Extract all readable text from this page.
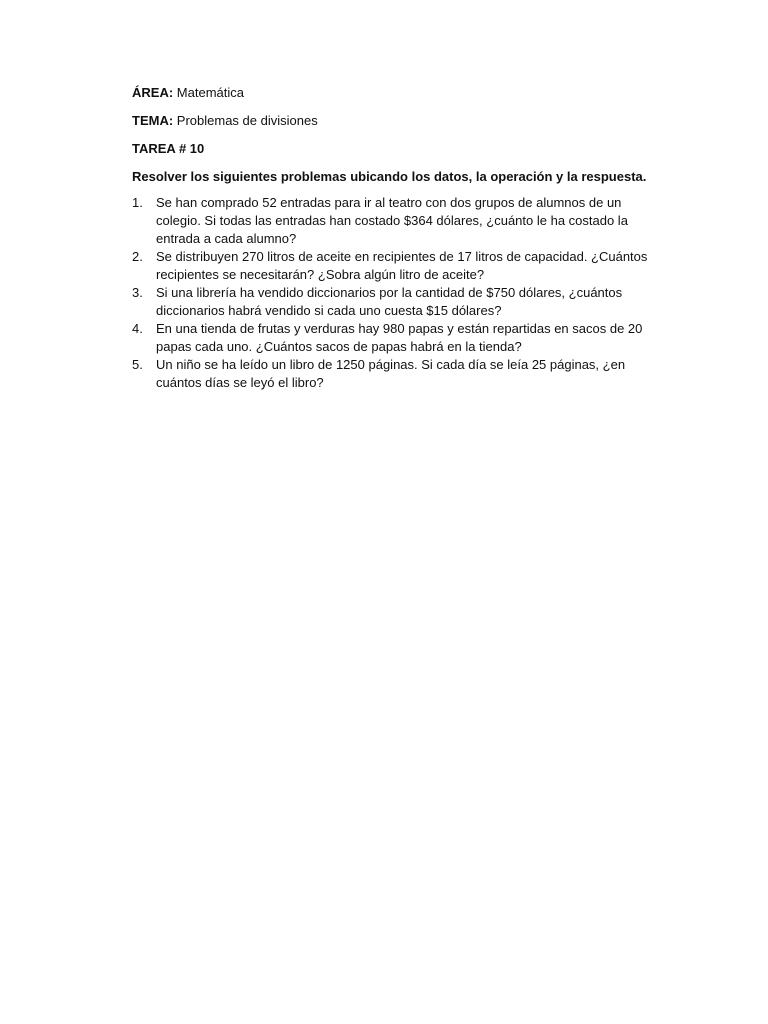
ÁREA: Matemática

TEMA: Problemas de divisiones

TAREA # 10

Resolver los siguientes problemas ubicando los datos, la operación y la respuesta.

1.	Se han comprado 52 entradas para ir al teatro con dos grupos de alumnos de un colegio. Si todas las entradas han costado $364 dólares, ¿cuánto le ha costado la entrada a cada alumno?
2.	Se distribuyen 270 litros de aceite en recipientes de 17 litros de capacidad. ¿Cuántos recipientes se necesitarán? ¿Sobra algún litro de aceite?
3.	Si una librería ha vendido diccionarios por la cantidad de $750 dólares, ¿cuántos diccionarios habrá vendido si cada uno cuesta $15 dólares?
4.	En una tienda de frutas y verduras hay 980 papas y están repartidas en sacos de 20 papas cada uno. ¿Cuántos sacos de papas habrá en la tienda?
5.	Un niño se ha leído un libro de 1250 páginas. Si cada día se leía 25 páginas, ¿en cuántos días se leyó el libro?
